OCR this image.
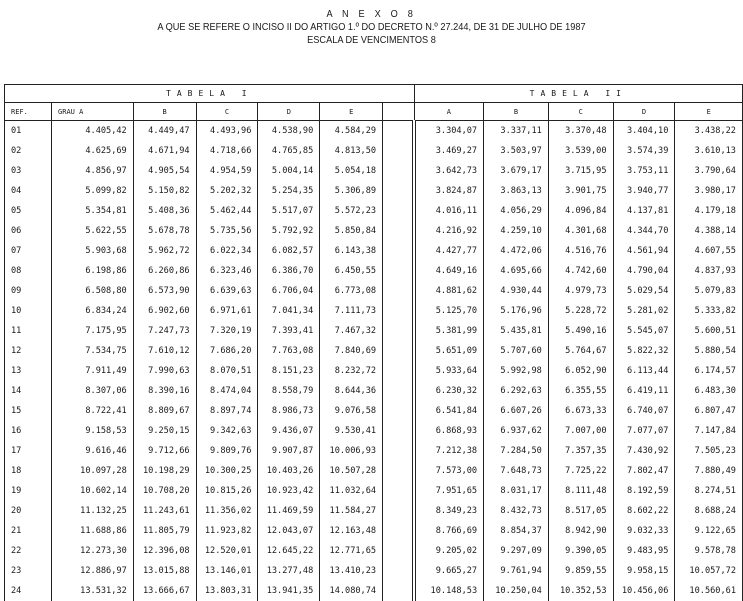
A N E X O 8
A QUE SE REFERE O INCISO II DO ARTIGO 1.º DO DECRETO N.º 27.244, DE 31 DE JULHO DE 1987
ESCALA DE VENCIMENTOS 8
TABELA I							TABELA II				
REF.	GRAU A	B	C	D	E		A	B	C	D	E
01	4.405,42	4.449,47	4.493,96	4.538,90	4.584,29		3.304,07	3.337,11	3.370,48	3.404,10	3.438,22
02	4.625,69	4.671,94	4.718,66	4.765,85	4.813,50		3.469,27	3.503,97	3.539,00	3.574,39	3.610,13
03	4.856,97	4.905,54	4.954,59	5.004,14	5.054,18		3.642,73	3.679,17	3.715,95	3.753,11	3.790,64
04	5.099,82	5.150,82	5.202,32	5.254,35	5.306,89		3.824,87	3.863,13	3.901,75	3.940,77	3.980,17
05	5.354,81	5.408,36	5.462,44	5.517,07	5.572,23		4.016,11	4.056,29	4.096,84	4.137,81	4.179,18
06	5.622,55	5.678,78	5.735,56	5.792,92	5.850,84		4.216,92	4.259,10	4.301,68	4.344,70	4.388,14
07	5.903,68	5.962,72	6.022,34	6.082,57	6.143,38		4.427,77	4.472,06	4.516,76	4.561,94	4.607,55
08	6.198,86	6.260,86	6.323,46	6.386,70	6.450,55		4.649,16	4.695,66	4.742,60	4.790,04	4.837,93
09	6.508,80	6.573,90	6.639,63	6.706,04	6.773,08		4.881,62	4.930,44	4.979,73	5.029,54	5.079,83
10	6.834,24	6.902,60	6.971,61	7.041,34	7.111,73		5.125,70	5.176,96	5.228,72	5.281,02	5.333,82
11	7.175,95	7.247,73	7.320,19	7.393,41	7.467,32		5.381,99	5.435,81	5.490,16	5.545,07	5.600,51
12	7.534,75	7.610,12	7.686,20	7.763,08	7.840,69		5.651,09	5.707,60	5.764,67	5.822,32	5.880,54
13	7.911,49	7.990,63	8.070,51	8.151,23	8.232,72		5.933,64	5.992,98	6.052,90	6.113,44	6.174,57
14	8.307,06	8.390,16	8.474,04	8.558,79	8.644,36		6.230,32	6.292,63	6.355,55	6.419,11	6.483,30
15	8.722,41	8.809,67	8.897,74	8.986,73	9.076,58		6.541,84	6.607,26	6.673,33	6.740,07	6.807,47
16	9.158,53	9.250,15	9.342,63	9.436,07	9.530,41		6.868,93	6.937,62	7.007,00	7.077,07	7.147,84
17	9.616,46	9.712,66	9.809,76	9.907,87	10.006,93		7.212,38	7.284,50	7.357,35	7.430,92	7.505,23
18	10.097,28	10.198,29	10.300,25	10.403,26	10.507,28		7.573,00	7.648,73	7.725,22	7.802,47	7.880,49
19	10.602,14	10.708,20	10.815,26	10.923,42	11.032,64		7.951,65	8.031,17	8.111,48	8.192,59	8.274,51
20	11.132,25	11.243,61	11.356,02	11.469,59	11.584,27		8.349,23	8.432,73	8.517,05	8.602,22	8.688,24
21	11.688,86	11.805,79	11.923,82	12.043,07	12.163,48		8.766,69	8.854,37	8.942,90	9.032,33	9.122,65
22	12.273,30	12.396,08	12.520,01	12.645,22	12.771,65		9.205,02	9.297,09	9.390,05	9.483,95	9.578,78
23	12.886,97	13.015,88	13.146,01	13.277,48	13.410,23		9.665,27	9.761,94	9.859,55	9.958,15	10.057,72
24	13.531,32	13.666,67	13.803,31	13.941,35	14.080,74		10.148,53	10.250,04	10.352,53	10.456,06	10.560,61
